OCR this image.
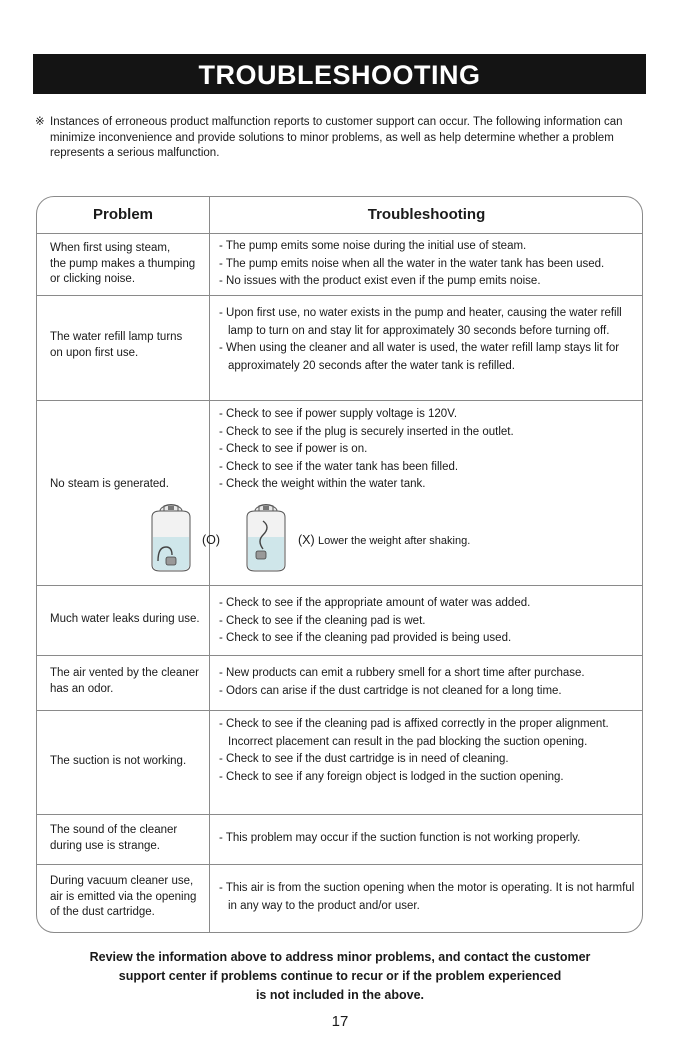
TROUBLESHOOTING
※ Instances of erroneous product malfunction reports to customer support can occur. The following information can minimize inconvenience and provide solutions to minor problems, as well as help determine whether a problem represents a serious malfunction.
Problem	Troubleshooting
When first using steam,
the pump makes a thumping
or clicking noise.
- The pump emits some noise during the initial use of steam.
- The pump emits noise when all the water in the water tank has been used.
- No issues with the product exist even if the pump emits noise.
The water refill lamp turns
on upon first use.
- Upon first use, no water exists in the pump and heater, causing the water refill lamp to turn on and stay lit for approximately 30 seconds before turning off.
- When using the cleaner and all water is used, the water refill lamp stays lit for approximately 20 seconds after the water tank is refilled.
No steam is generated.
- Check to see if power supply voltage is 120V.
- Check to see if the plug is securely inserted in the outlet.
- Check to see if power is on.
- Check to see if the water tank has been filled.
- Check the weight within the water tank.
(O)	(X) Lower the weight after shaking.
Much water leaks during use.
- Check to see if the appropriate amount of water was added.
- Check to see if the cleaning pad is wet.
- Check to see if the cleaning pad provided is being used.
The air vented by the cleaner
has an odor.
- New products can emit a rubbery smell for a short time after purchase.
- Odors can arise if the dust cartridge is not cleaned for a long time.
The suction is not working.
- Check to see if the cleaning pad is affixed correctly in the proper alignment. Incorrect placement can result in the pad blocking the suction opening.
- Check to see if the dust cartridge is in need of cleaning.
- Check to see if any foreign object is lodged in the suction opening.
The sound of the cleaner
during use is strange.
- This problem may occur if the suction function is not working properly.
During vacuum cleaner use,
air is emitted via the opening
of the dust cartridge.
- This air is from the suction opening when the motor is operating. It is not harmful in any way to the product and/or user.
Review the information above to address minor problems, and contact the customer
support center if problems continue to recur or if the problem experienced
is not included in the above.
17
